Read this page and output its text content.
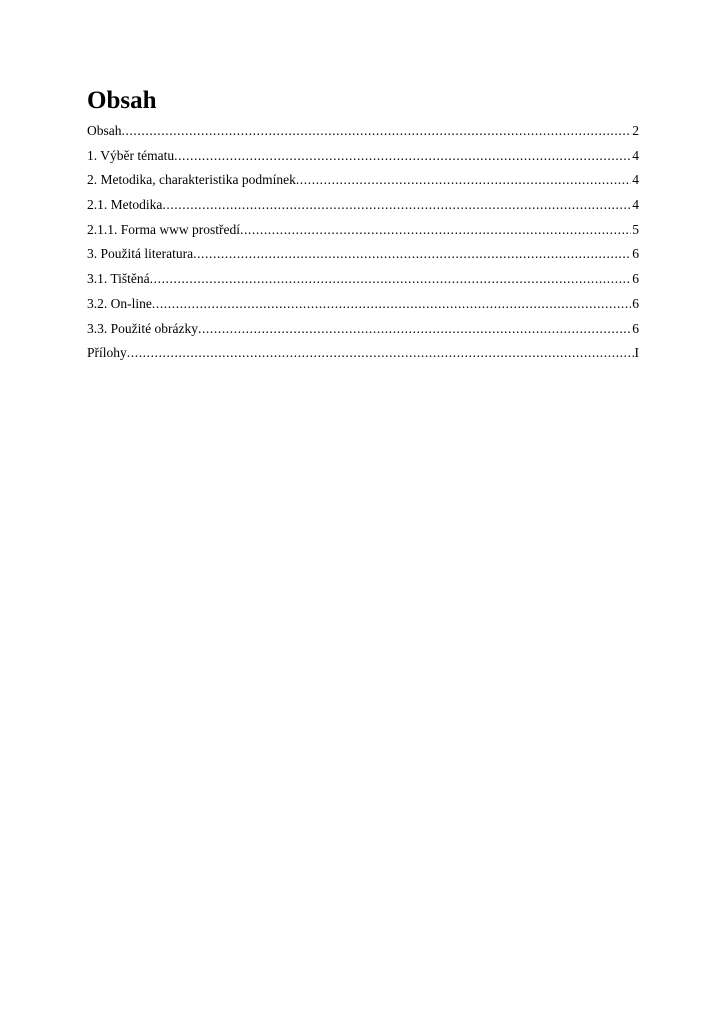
Obsah
Obsah .....	2
1. Výběr tématu .....	4
2. Metodika, charakteristika podmínek .....	4
2.1. Metodika .....	4
2.1.1. Forma www prostředí .....	5
3. Použitá literatura .....	6
3.1. Tištěná .....	6
3.2. On-line .....	6
3.3. Použité obrázky .....	6
Přílohy .....	I
